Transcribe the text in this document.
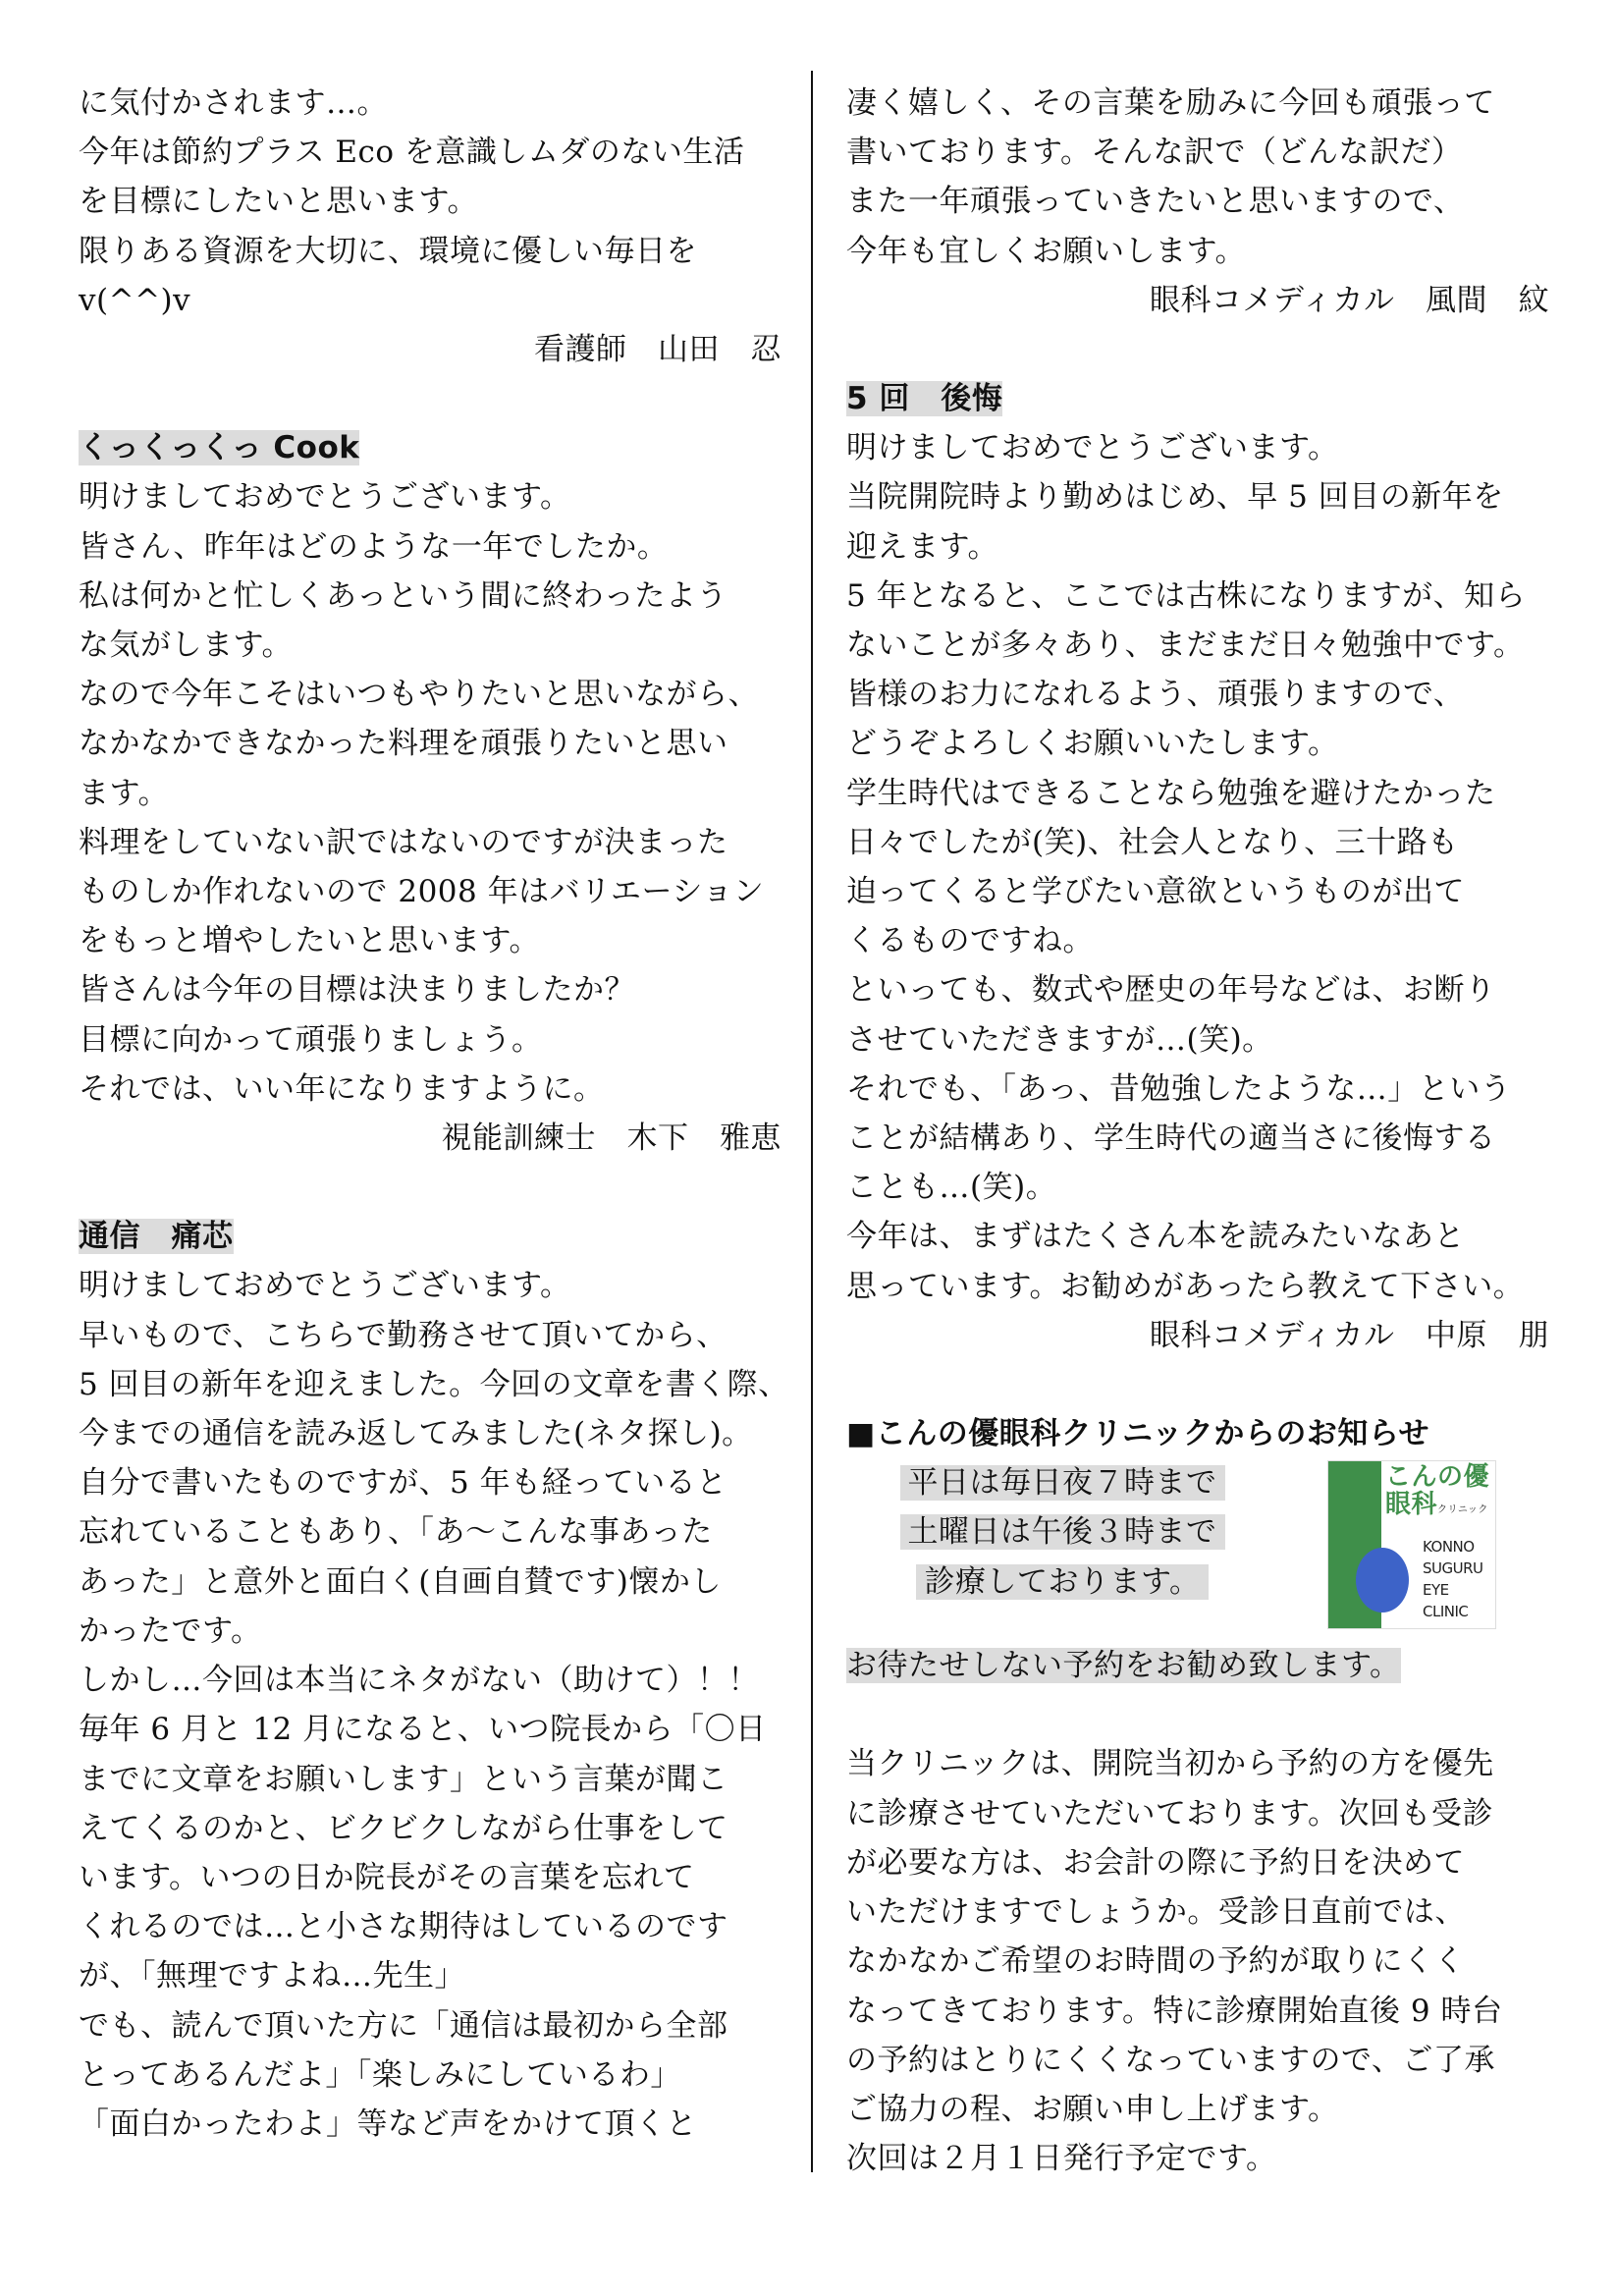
に気付かされます…。
今年は節約プラス Eco を意識しムダのない生活
を目標にしたいと思います。
限りある資源を大切に、環境に優しい毎日を
v(^^)v
看護師　山田　忍
くっくっくっ Cook
明けましておめでとうございます。
皆さん、昨年はどのような一年でしたか。
私は何かと忙しくあっという間に終わったよう
な気がします。
なので今年こそはいつもやりたいと思いながら、
なかなかできなかった料理を頑張りたいと思い
ます。
料理をしていない訳ではないのですが決まった
ものしか作れないので 2008 年はバリエーション
をもっと増やしたいと思います。
皆さんは今年の目標は決まりましたか？
目標に向かって頑張りましょう。
それでは、いい年になりますように。
視能訓練士　木下　雅恵
通信　痛芯
明けましておめでとうございます。
早いもので、こちらで勤務させて頂いてから、
5 回目の新年を迎えました。今回の文章を書く際、
今までの通信を読み返してみました(ネタ探し)。
自分で書いたものですが、5 年も経っていると
忘れていることもあり、「あ～こんな事あった
あった」と意外と面白く(自画自賛です)懐かし
かったです。
しかし…今回は本当にネタがない（助けて）！！
毎年 6 月と 12 月になると、いつ院長から「〇日
までに文章をお願いします」という言葉が聞こ
えてくるのかと、ビクビクしながら仕事をして
います。いつの日か院長がその言葉を忘れて
くれるのでは…と小さな期待はしているのです
が、「無理ですよね…先生」
でも、読んで頂いた方に「通信は最初から全部
とってあるんだよ」「楽しみにしているわ」
「面白かったわよ」等など声をかけて頂くと
凄く嬉しく、その言葉を励みに今回も頑張って
書いております。そんな訳で（どんな訳だ）
また一年頑張っていきたいと思いますので、
今年も宜しくお願いします。
眼科コメディカル　風間　紋
5 回　後悔
明けましておめでとうございます。
当院開院時より勤めはじめ、早 5 回目の新年を
迎えます。
5 年となると、ここでは古株になりますが、知ら
ないことが多々あり、まだまだ日々勉強中です。
皆様のお力になれるよう、頑張りますので、
どうぞよろしくお願いいたします。
学生時代はできることなら勉強を避けたかった
日々でしたが(笑)、社会人となり、三十路も
迫ってくると学びたい意欲というものが出て
くるものですね。
といっても、数式や歴史の年号などは、お断り
させていただきますが…(笑)。
それでも、「あっ、昔勉強したような…」という
ことが結構あり、学生時代の適当さに後悔する
ことも…(笑)。
今年は、まずはたくさん本を読みたいなあと
思っています。お勧めがあったら教えて下さい。
眼科コメディカル　中原　朋
■こんの優眼科クリニックからのお知らせ
平日は毎日夜７時まで
土曜日は午後３時まで
診療しております。
こんの優
眼科クリニック
KONNO
SUGURU
EYE
CLINIC
お待たせしない予約をお勧め致します。
当クリニックは、開院当初から予約の方を優先
に診療させていただいております。次回も受診
が必要な方は、お会計の際に予約日を決めて
いただけますでしょうか。受診日直前では、
なかなかご希望のお時間の予約が取りにくく
なってきております。特に診療開始直後 9 時台
の予約はとりにくくなっていますので、ご了承
ご協力の程、お願い申し上げます。
次回は２月１日発行予定です。
